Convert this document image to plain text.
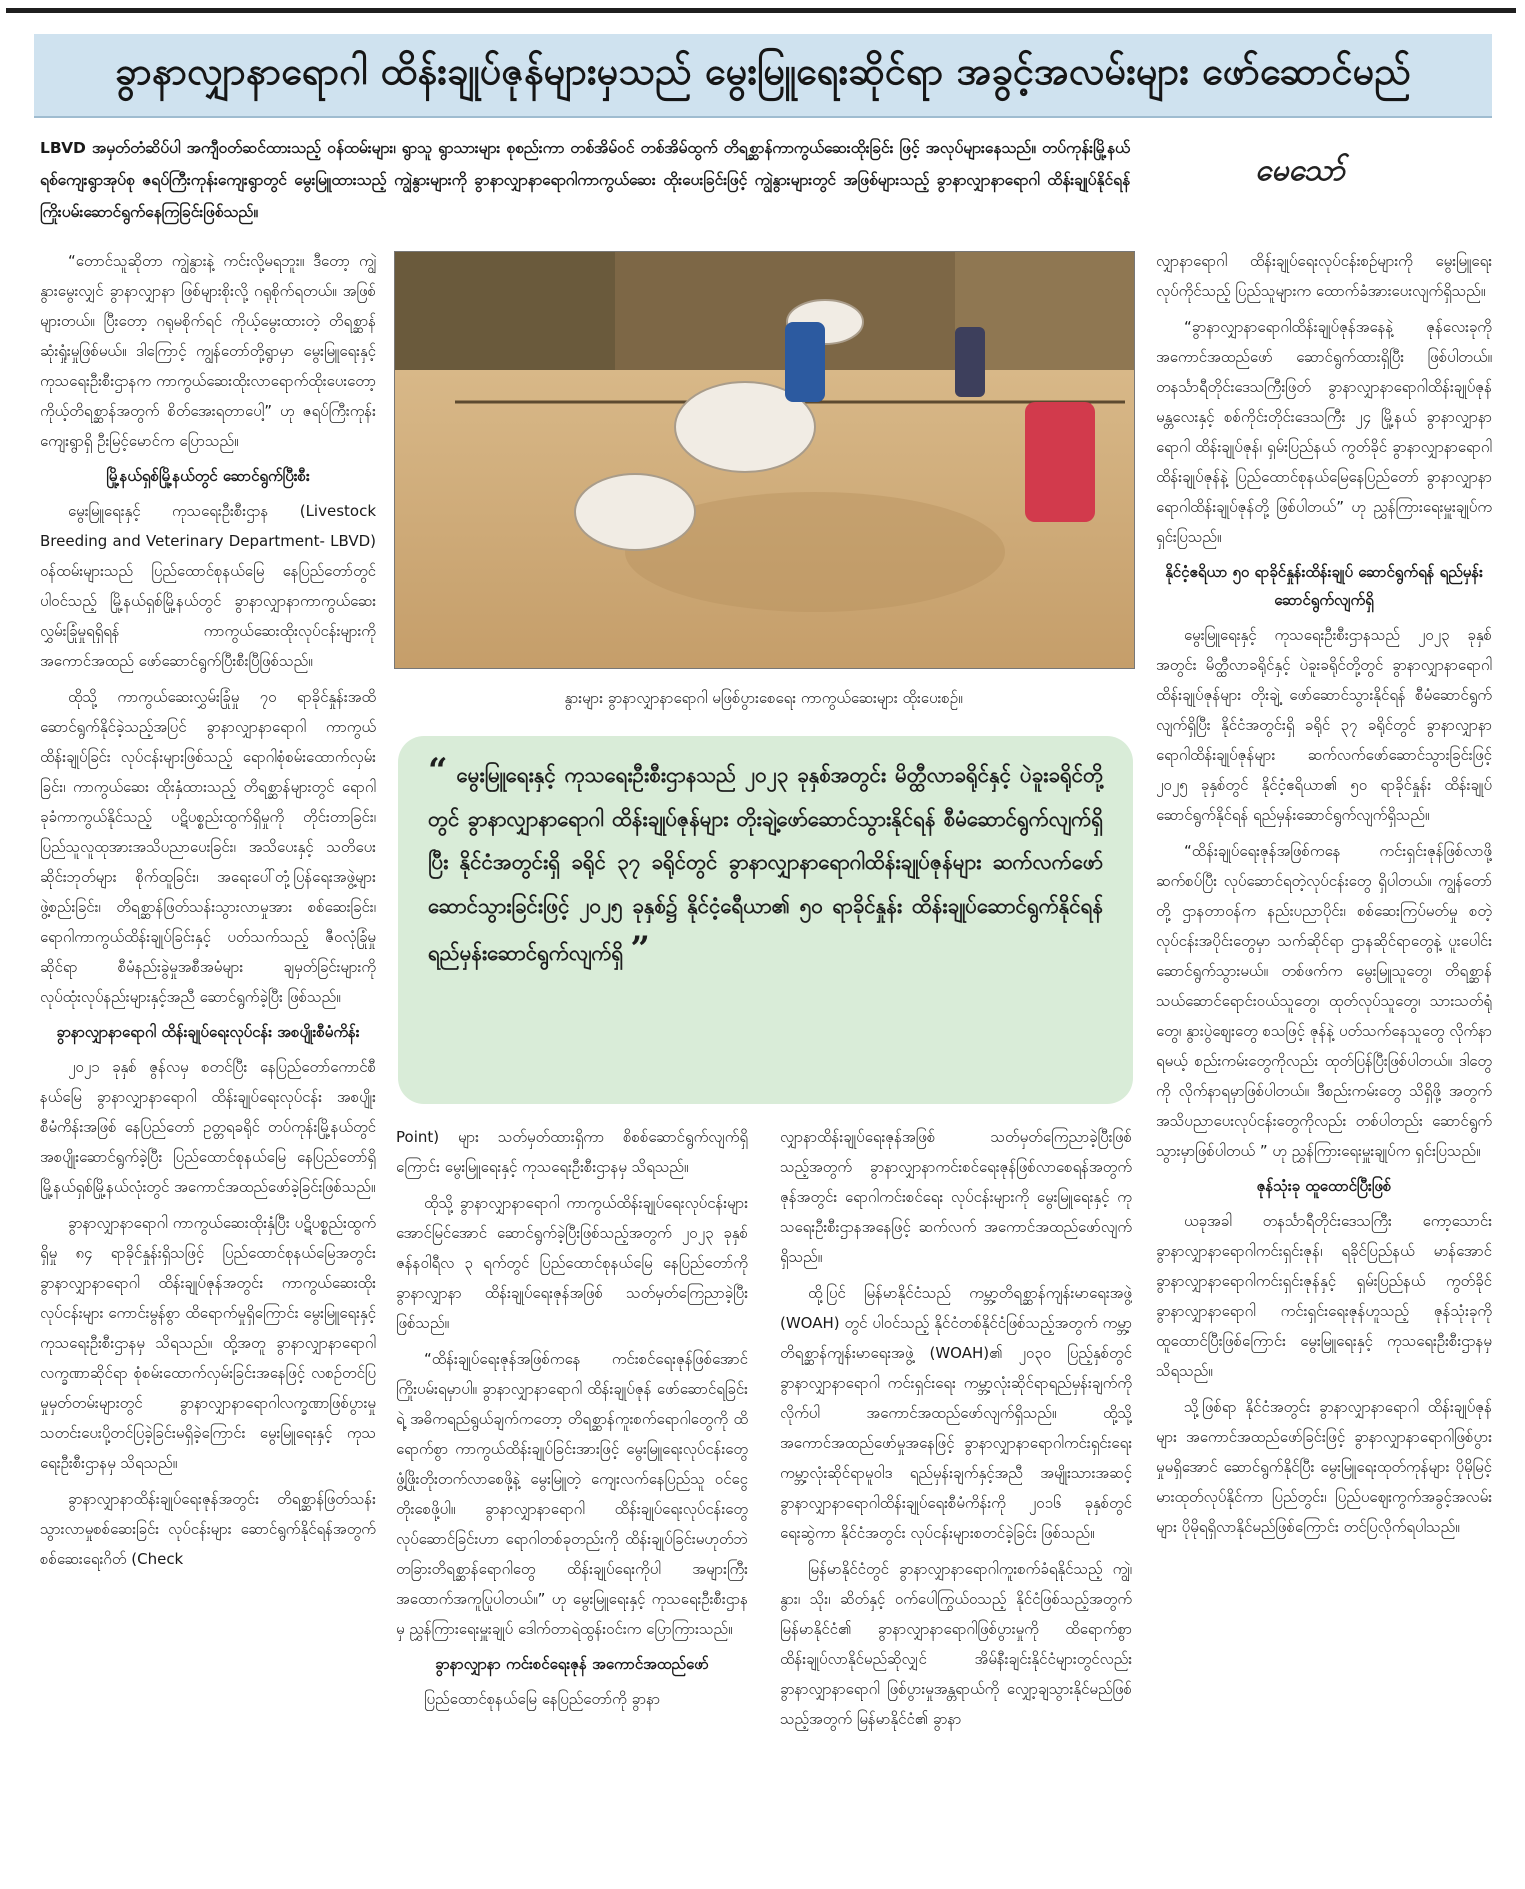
ခွာနာလျှာနာရောဂါ ထိန်းချုပ်ဇုန်များမှသည် မွေးမြူရေးဆိုင်ရာ အခွင့်အလမ်းများ ဖော်ဆောင်မည်
LBVD အမှတ်တံဆိပ်ပါ အကျီဝတ်ဆင်ထားသည့် ဝန်ထမ်းများ၊ ရွာသူ ရွာသားများ စုစည်းကာ တစ်အိမ်ဝင် တစ်အိမ်ထွက် တိရစ္ဆာန်ကာကွယ်ဆေးထိုးခြင်း ဖြင့် အလုပ်များနေသည်။ တပ်ကုန်းမြို့နယ်ရစ်ကျေးရွာအုပ်စု ဇရပ်ကြီးကုန်းကျေးရွာတွင် မွေးမြူထားသည့် ကျွဲနွားများကို ခွာနာလျှာနာရောဂါကာကွယ်ဆေး ထိုးပေးခြင်းဖြင့် ကျွဲနွားများတွင် အဖြစ်များသည့် ခွာနာလျှာနာရောဂါ ထိန်းချုပ်နိုင်ရန် ကြိုးပမ်းဆောင်ရွက်နေကြခြင်းဖြစ်သည်။
မေသော်

“တောင်သူဆိုတာ ကျွဲနွားနဲ့ ကင်းလို့မရဘူး။ ဒီတော့ ကျွဲနွားမွေးလျှင် ခွာနာလျှာနာ ဖြစ်များစိုးလို့ ဂရုစိုက်ရတယ်။ အဖြစ်များတယ်။ ပြီးတော့ ဂရုမစိုက်ရင် ကိုယ့်မွေးထားတဲ့ တိရစ္ဆာန်ဆုံးရှုံးမှုဖြစ်မယ်။ ဒါကြောင့် ကျွန်တော်တို့ရွာမှာ မွေးမြူရေးနှင့်ကုသရေးဦးစီးဌာနက ကာကွယ်ဆေးထိုးလာရောက်ထိုးပေးတော့ ကိုယ့်တိရစ္ဆာန်အတွက် စိတ်အေးရတာပေါ့” ဟု ဇရပ်ကြီးကုန်းကျေးရွာရှိ ဦးမြင့်မောင်က ပြောသည်။

မြို့နယ်ရှစ်မြို့နယ်တွင် ဆောင်ရွက်ပြီးစီး

မွေးမြူရေးနှင့် ကုသရေးဦးစီးဌာန (Livestock Breeding and Veterinary Department- LBVD) ဝန်ထမ်းများသည် ပြည်ထောင်စုနယ်မြေ နေပြည်တော်တွင်ပါဝင်သည့် မြို့နယ်ရှစ်မြို့နယ်တွင် ခွာနာလျှာနာကာကွယ်ဆေး လွှမ်းခြုံမှုရရှိရန် ကာကွယ်ဆေးထိုးလုပ်ငန်းများကို အကောင်အထည် ဖော်ဆောင်ရွက်ပြီးစီးပြီဖြစ်သည်။

ထိုသို့ ကာကွယ်ဆေးလွှမ်းခြုံမှု ၇၀ ရာခိုင်နှုန်းအထိ ဆောင်ရွက်နိုင်ခဲ့သည့်အပြင် ခွာနာလျှာနာရောဂါ ကာကွယ်ထိန်းချုပ်ခြင်း လုပ်ငန်းများဖြစ်သည့် ရောဂါစုံစမ်းထောက်လှမ်းခြင်း၊ ကာကွယ်ဆေး ထိုးနှံထားသည့် တိရစ္ဆာန်များတွင် ရောဂါခုခံကာကွယ်နိုင်သည့် ပဋိပစ္စည်းထွက်ရှိမှုကို တိုင်းတာခြင်း၊ ပြည်သူလူထုအားအသိပညာပေးခြင်း၊ အသိပေးနှင့် သတိပေးဆိုင်းဘုတ်များ စိုက်ထူခြင်း၊ အရေးပေါ်တုံ့ပြန်ရေးအဖွဲ့များ ဖွဲ့စည်းခြင်း၊ တိရစ္ဆာန်ဖြတ်သန်းသွားလာမှုအား စစ်ဆေးခြင်း၊ ရောဂါကာကွယ်ထိန်းချုပ်ခြင်းနှင့် ပတ်သက်သည့် ဇီဝလုံခြုံမှုဆိုင်ရာ စီမံနည်းခွဲမှုအစီအမံများ ချမှတ်ခြင်းများကို လုပ်ထုံးလုပ်နည်းများနှင့်အညီ ဆောင်ရွက်ခဲ့ပြီး ဖြစ်သည်။

ခွာနာလျှာနာရောဂါ ထိန်းချုပ်ရေးလုပ်ငန်း အစပျိုးစီမံကိန်း

၂၀၂၁ ခုနှစ် ဇွန်လမှ စတင်ပြီး နေပြည်တော်ကောင်စီနယ်မြေ ခွာနာလျှာနာရောဂါ ထိန်းချုပ်ရေးလုပ်ငန်း အစပျိုးစီမံကိန်းအဖြစ် နေပြည်တော် ဥတ္တရခရိုင် တပ်ကုန်းမြို့နယ်တွင် အစပျိုးဆောင်ရွက်ခဲ့ပြီး ပြည်ထောင်စုနယ်မြေ နေပြည်တော်ရှိ မြို့နယ်ရှစ်မြို့နယ်လုံးတွင် အကောင်အထည်ဖော်ခဲ့ခြင်းဖြစ်သည်။

ခွာနာလျှာနာရောဂါ ကာကွယ်ဆေးထိုးနှံပြီး ပဋိပစ္စည်းထွက်ရှိမှု ၈၄ ရာခိုင်နှုန်းရှိသဖြင့် ပြည်ထောင်စုနယ်မြေအတွင်း ခွာနာလျှာနာရောဂါ ထိန်းချုပ်ဇုန်အတွင်း ကာကွယ်ဆေးထိုးလုပ်ငန်းများ ကောင်းမွန်စွာ ထိရောက်မှုရှိကြောင်း မွေးမြူရေးနှင့် ကုသရေးဦးစီးဌာနမှ သိရသည်။ ထို့အတူ ခွာနာလျှာနာရောဂါလက္ခဏာဆိုင်ရာ စုံစမ်းထောက်လှမ်းခြင်းအနေဖြင့် လစဉ်တင်ပြမှုမှတ်တမ်းများတွင် ခွာနာလျှာနာရောဂါလက္ခဏာဖြစ်ပွားမှု သတင်းပေးပို့တင်ပြခဲ့ခြင်းမရှိခဲ့ကြောင်း မွေးမြူရေးနှင့် ကုသရေးဦးစီးဌာနမှ သိရသည်။

ခွာနာလျှာနာထိန်းချုပ်ရေးဇုန်အတွင်း တိရစ္ဆာန်ဖြတ်သန်းသွားလာမှုစစ်ဆေးခြင်း လုပ်ငန်းများ ဆောင်ရွက်နိုင်ရန်အတွက် စစ်ဆေးရေးဂိတ် (Check

နွားများ ခွာနာလျှာနာရောဂါ မဖြစ်ပွားစေရေး ကာကွယ်ဆေးများ ထိုးပေးစဉ်။
“ မွေးမြူရေးနှင့် ကုသရေးဦးစီးဌာနသည် ၂၀၂၃ ခုနှစ်အတွင်း မိတ္ထီလာခရိုင်နှင့် ပဲခူးခရိုင်တို့တွင် ခွာနာလျှာနာရောဂါ ထိန်းချုပ်ဇုန်များ တိုးချဲ့ဖော်ဆောင်သွားနိုင်ရန် စီမံဆောင်ရွက်လျက်ရှိပြီး နိုင်ငံအတွင်းရှိ ခရိုင် ၃၇ ခရိုင်တွင် ခွာနာလျှာနာရောဂါထိန်းချုပ်ဇုန်များ ဆက်လက်ဖော်ဆောင်သွားခြင်းဖြင့် ၂၀၂၅ ခုနှစ်၌ နိုင်ငံ့ရေီယာ၏ ၅၀ ရာခိုင်နှုန်း ထိန်းချုပ်ဆောင်ရွက်နိုင်ရန် ရည်မှန်းဆောင်ရွက်လျက်ရှိ ”

Point) များ သတ်မှတ်ထားရှိကာ စိစစ်ဆောင်ရွက်လျက်ရှိကြောင်း မွေးမြူရေးနှင့် ကုသရေးဦးစီးဌာနမှ သိရသည်။

ထိုသို့ ခွာနာလျှာနာရောဂါ ကာကွယ်ထိန်းချုပ်ရေးလုပ်ငန်းများ အောင်မြင်အောင် ဆောင်ရွက်ခဲ့ပြီးဖြစ်သည့်အတွက် ၂၀၂၃ ခုနှစ် ဇန်နဝါရီလ ၃ ရက်တွင် ပြည်ထောင်စုနယ်မြေ နေပြည်တော်ကို ခွာနာလျှာနာ ထိန်းချုပ်ရေးဇုန်အဖြစ် သတ်မှတ်ကြေညာခဲ့ပြီး ဖြစ်သည်။

“ထိန်းချုပ်ရေးဇုန်အဖြစ်ကနေ ကင်းစင်ရေးဇုန်ဖြစ်အောင် ကြိုးပမ်းရမှာပါ။ ခွာနာလျှာနာရောဂါ ထိန်းချုပ်ဇုန် ဖော်ဆောင်ရခြင်းရဲ့ အဓိကရည်ရွယ်ချက်ကတော့ တိရစ္ဆာန်ကူးစက်ရောဂါတွေကို ထိရောက်စွာ ကာကွယ်ထိန်းချုပ်ခြင်းအားဖြင့် မွေးမြူရေးလုပ်ငန်းတွေ ဖွံ့ဖြိုးတိုးတက်လာစေဖို့နဲ့ မွေးမြူတဲ့ ကျေးလက်နေပြည်သူ ဝင်ငွေတိုးစေဖို့ပါ။ ခွာနာလျှာနာရောဂါ ထိန်းချုပ်ရေးလုပ်ငန်းတွေ လုပ်ဆောင်ခြင်းဟာ ရောဂါတစ်ခုတည်းကို ထိန်းချုပ်ခြင်းမဟုတ်ဘဲ တခြားတိရစ္ဆာန်ရောဂါတွေ ထိန်းချုပ်ရေးကိုပါ အများကြီးအထောက်အကူပြုပါတယ်။” ဟု မွေးမြူရေးနှင့် ကုသရေးဦးစီးဌာနမှ ညွှန်ကြားရေးမှူးချုပ် ဒေါက်တာရဲထွန်းဝင်းက ပြောကြားသည်။

ခွာနာလျှာနာ ကင်းစင်ရေးဇုန် အကောင်အထည်ဖော်

ပြည်ထောင်စုနယ်မြေ နေပြည်တော်ကို ခွာနာ

လျှာနာထိန်းချုပ်ရေးဇုန်အဖြစ် သတ်မှတ်ကြေညာခဲ့ပြီးဖြစ်သည့်အတွက် ခွာနာလျှာနာကင်းစင်ရေးဇုန်ဖြစ်လာစေရန်အတွက် ဇုန်အတွင်း ရောဂါကင်းစင်ရေး လုပ်ငန်းများကို မွေးမြူရေးနှင့် ကုသရေးဦးစီးဌာနအနေဖြင့် ဆက်လက် အကောင်အထည်ဖော်လျက်ရှိသည်။

ထို့ပြင် မြန်မာနိုင်ငံသည် ကမ္ဘာ့တိရစ္ဆာန်ကျန်းမာရေးအဖွဲ့ (WOAH) တွင် ပါဝင်သည့် နိုင်ငံတစ်နိုင်ငံဖြစ်သည့်အတွက် ကမ္ဘာ့တိရစ္ဆာန်ကျန်းမာရေးအဖွဲ့ (WOAH)၏ ၂၀၃၀ ပြည့်နှစ်တွင် ခွာနာလျှာနာရောဂါ ကင်းရှင်းရေး ကမ္ဘာ့လုံးဆိုင်ရာရည်မှန်းချက်ကို လိုက်ပါ အကောင်အထည်ဖော်လျက်ရှိသည်။ ထို့သို့ အကောင်အထည်ဖော်မှုအနေဖြင့် ခွာနာလျှာနာရောဂါကင်းရှင်းရေး ကမ္ဘာ့လုံးဆိုင်ရာမူဝါဒ ရည်မှန်းချက်နှင့်အညီ အမျိုးသားအဆင့် ခွာနာလျှာနာရောဂါထိန်းချုပ်ရေးစီမံကိန်းကို ၂၀၁၆ ခုနှစ်တွင် ရေးဆွဲကာ နိုင်ငံအတွင်း လုပ်ငန်းများစတင်ခဲ့ခြင်း ဖြစ်သည်။

မြန်မာနိုင်ငံတွင် ခွာနာလျှာနာရောဂါကူးစက်ခံရနိုင်သည့် ကျွဲ၊ နွား၊ သိုး၊ ဆိတ်နှင့် ဝက်ပေါကြွယ်ဝသည့် နိုင်ငံဖြစ်သည့်အတွက် မြန်မာနိုင်ငံ၏ ခွာနာလျှာနာရောဂါဖြစ်ပွားမှုကို ထိရောက်စွာ ထိန်းချုပ်လာနိုင်မည်ဆိုလျှင် အိမ်နီးချင်းနိုင်ငံများတွင်လည်း ခွာနာလျှာနာရောဂါ ဖြစ်ပွားမှုအန္တရာယ်ကို လျှော့ချသွားနိုင်မည်ဖြစ်သည့်အတွက် မြန်မာနိုင်ငံ၏ ခွာနာ

လျှာနာရောဂါ ထိန်းချုပ်ရေးလုပ်ငန်းစဉ်များကို မွေးမြူရေးလုပ်ကိုင်သည့် ပြည်သူများက ထောက်ခံအားပေးလျက်ရှိသည်။

“ခွာနာလျှာနာရောဂါထိန်းချုပ်ဇုန်အနေနဲ့ ဇုန်လေးခုကို အကောင်အထည်ဖော် ဆောင်ရွက်ထားရှိပြီး ဖြစ်ပါတယ်။ တနင်္သာရီတိုင်းဒေသကြီးဖြတ် ခွာနာလျှာနာရောဂါထိန်းချုပ်ဇုန် မန္တလေးနှင့် စစ်ကိုင်းတိုင်းဒေသကြီး ၂၄ မြို့နယ် ခွာနာလျှာနာရောဂါ ထိန်းချုပ်ဇုန်၊ ရှမ်းပြည်နယ် ကွတ်ခိုင် ခွာနာလျှာနာရောဂါထိန်းချုပ်ဇုန်နဲ့ ပြည်ထောင်စုနယ်မြေနေပြည်တော် ခွာနာလျှာနာရောဂါထိန်းချုပ်ဇုန်တို့ ဖြစ်ပါတယ်” ဟု ညွှန်ကြားရေးမှူးချုပ်က ရှင်းပြသည်။

နိုင်ငံ့ဧရိယာ ၅၀ ရာခိုင်နှုန်းထိန်းချုပ် ဆောင်ရွက်ရန် ရည်မှန်းဆောင်ရွက်လျက်ရှိ

မွေးမြူရေးနှင့် ကုသရေးဦးစီးဌာနသည် ၂၀၂၃ ခုနှစ်အတွင်း မိတ္ထီလာခရိုင်နှင့် ပဲခူးခရိုင်တို့တွင် ခွာနာလျှာနာရောဂါ ထိန်းချုပ်ဇုန်များ တိုးချဲ့ ဖော်ဆောင်သွားနိုင်ရန် စီမံဆောင်ရွက်လျက်ရှိပြီး နိုင်ငံအတွင်းရှိ ခရိုင် ၃၇ ခရိုင်တွင် ခွာနာလျှာနာရောဂါထိန်းချုပ်ဇုန်များ ဆက်လက်ဖော်ဆောင်သွားခြင်းဖြင့် ၂၀၂၅ ခုနှစ်တွင် နိုင်ငံ့ဧရိယာ၏ ၅၀ ရာခိုင်နှုန်း ထိန်းချုပ်ဆောင်ရွက်နိုင်ရန် ရည်မှန်းဆောင်ရွက်လျက်ရှိသည်။

“ထိန်းချုပ်ရေးဇုန်အဖြစ်ကနေ ကင်းရှင်းဇုန်ဖြစ်လာဖို့ ဆက်စပ်ပြီး လုပ်ဆောင်ရတဲ့လုပ်ငန်းတွေ ရှိပါတယ်။ ကျွန်တော်တို့ ဌာနတာဝန်က နည်းပညာပိုင်း၊ စစ်ဆေးကြပ်မတ်မှု စတဲ့ လုပ်ငန်းအပိုင်းတွေမှာ သက်ဆိုင်ရာ ဌာနဆိုင်ရာတွေနဲ့ ပူးပေါင်းဆောင်ရွက်သွားမယ်။ တစ်ဖက်က မွေးမြူသူတွေ၊ တိရစ္ဆာန်သယ်ဆောင်ရောင်းဝယ်သူတွေ၊ ထုတ်လုပ်သူတွေ၊ သားသတ်ရုံတွေ၊ နွားပွဲစျေးတွေ စသဖြင့် ဇုန်နဲ့ ပတ်သက်နေသူတွေ လိုက်နာရမယ့် စည်းကမ်းတွေကိုလည်း ထုတ်ပြန်ပြီးဖြစ်ပါတယ်။ ဒါတွေကို လိုက်နာရမှာဖြစ်ပါတယ်။ ဒီစည်းကမ်းတွေ သိရှိဖို့ အတွက် အသိပညာပေးလုပ်ငန်းတွေကိုလည်း တစ်ပါတည်း ဆောင်ရွက်သွားမှာဖြစ်ပါတယ် ” ဟု ညွှန်ကြားရေးမှူးချုပ်က ရှင်းပြသည်။

ဇုန်သုံးခု ထူထောင်ပြီးဖြစ်

ယခုအခါ တနင်္သာရီတိုင်းဒေသကြီး ကော့သောင်း ခွာနာလျှာနာရောဂါကင်းရှင်းဇုန်၊ ရခိုင်ပြည်နယ် မာန်အောင် ခွာနာလျှာနာရောဂါကင်းရှင်းဇုန်နှင့် ရှမ်းပြည်နယ် ကွတ်ခိုင် ခွာနာလျှာနာရောဂါ ကင်းရှင်းရေးဇုန်ဟူသည့် ဇုန်သုံးခုကို ထူထောင်ပြီးဖြစ်ကြောင်း မွေးမြူရေးနှင့် ကုသရေးဦးစီးဌာနမှ သိရသည်။

သို့ဖြစ်ရာ နိုင်ငံအတွင်း ခွာနာလျှာနာရောဂါ ထိန်းချုပ်ဇုန်များ အကောင်အထည်ဖော်ခြင်းဖြင့် ခွာနာလျှာနာရောဂါဖြစ်ပွားမှုမရှိအောင် ဆောင်ရွက်နိုင်ပြီး မွေးမြူရေးထုတ်ကုန်များ ပိုမိုမြင့်မားထုတ်လုပ်နိုင်ကာ ပြည်တွင်း၊ ပြည်ပဈေးကွက်အခွင့်အလမ်းများ ပိုမိုရရှိလာနိုင်မည်ဖြစ်ကြောင်း တင်ပြလိုက်ရပါသည်။
